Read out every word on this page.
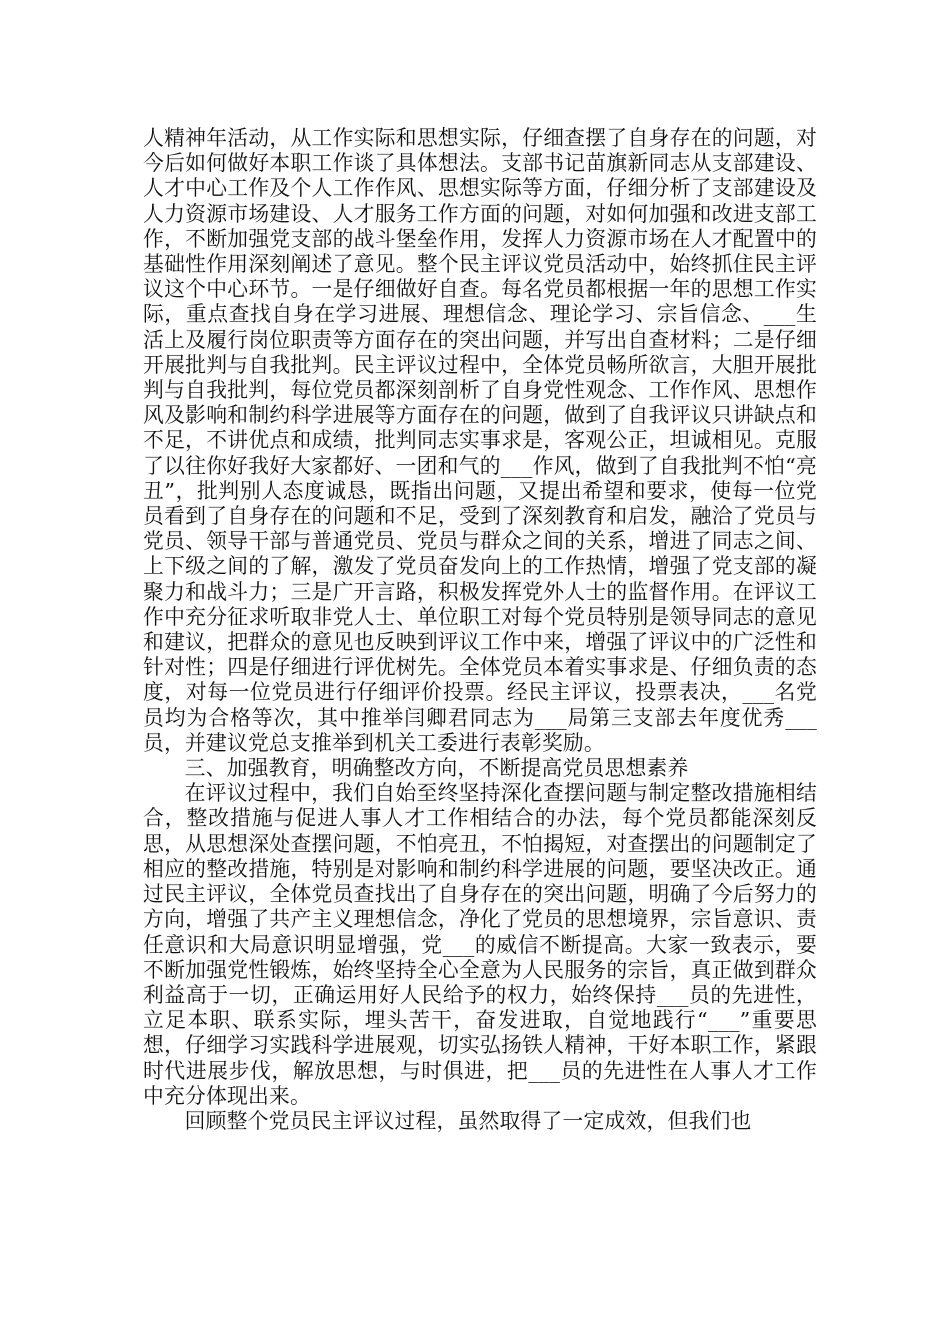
人精神年活动，从工作实际和思想实际，仔细查摆了自身存在的问题，对今后如何做好本职工作谈了具体想法。支部书记苗旗新同志从支部建设、人才中心工作及个人工作作风、思想实际等方面，仔细分析了支部建设及人力资源市场建设、人才服务工作方面的问题，对如何加强和改进支部工作，不断加强党支部的战斗堡垒作用，发挥人力资源市场在人才配置中的基础性作用深刻阐述了意见。整个民主评议党员活动中，始终抓住民主评议这个中心环节。一是仔细做好自查。每名党员都根据一年的思想工作实际，重点查找自身在学习进展、理想信念、理论学习、宗旨信念、___生活上及履行岗位职责等方面存在的突出问题，并写出自查材料；二是仔细开展批判与自我批判。民主评议过程中，全体党员畅所欲言，大胆开展批判与自我批判，每位党员都深刻剖析了自身党性观念、工作作风、思想作风及影响和制约科学进展等方面存在的问题，做到了自我评议只讲缺点和不足，不讲优点和成绩，批判同志实事求是，客观公正，坦诚相见。克服了以往你好我好大家都好、一团和气的___作风，做到了自我批判不怕“亮丑”，批判别人态度诚恳，既指出问题，又提出希望和要求，使每一位党员看到了自身存在的问题和不足，受到了深刻教育和启发，融洽了党员与党员、领导干部与普通党员、党员与群众之间的关系，增进了同志之间、上下级之间的了解，激发了党员奋发向上的工作热情，增强了党支部的凝聚力和战斗力；三是广开言路，积极发挥党外人士的监督作用。在评议工作中充分征求听取非党人士、单位职工对每个党员特别是领导同志的意见和建议，把群众的意见也反映到评议工作中来，增强了评议中的广泛性和针对性；四是仔细进行评优树先。全体党员本着实事求是、仔细负责的态度，对每一位党员进行仔细评价投票。经民主评议，投票表决，___名党员均为合格等次，其中推举闫卿君同志为___局第三支部去年度优秀___员，并建议党总支推举到机关工委进行表彰奖励。

三、加强教育，明确整改方向，不断提高党员思想素养

在评议过程中，我们自始至终坚持深化查摆问题与制定整改措施相结合，整改措施与促进人事人才工作相结合的办法，每个党员都能深刻反思，从思想深处查摆问题，不怕亮丑，不怕揭短，对查摆出的问题制定了相应的整改措施，特别是对影响和制约科学进展的问题，要坚决改正。通过民主评议，全体党员查找出了自身存在的突出问题，明确了今后努力的方向，增强了共产主义理想信念，净化了党员的思想境界，宗旨意识、责任意识和大局意识明显增强，党___的威信不断提高。大家一致表示，要不断加强党性锻炼，始终坚持全心全意为人民服务的宗旨，真正做到群众利益高于一切，正确运用好人民给予的权力，始终保持___员的先进性，立足本职、联系实际，埋头苦干，奋发进取，自觉地践行“___”重要思想，仔细学习实践科学进展观，切实弘扬铁人精神，干好本职工作，紧跟时代进展步伐，解放思想，与时俱进，把___员的先进性在人事人才工作中充分体现出来。

回顾整个党员民主评议过程，虽然取得了一定成效，但我们也
